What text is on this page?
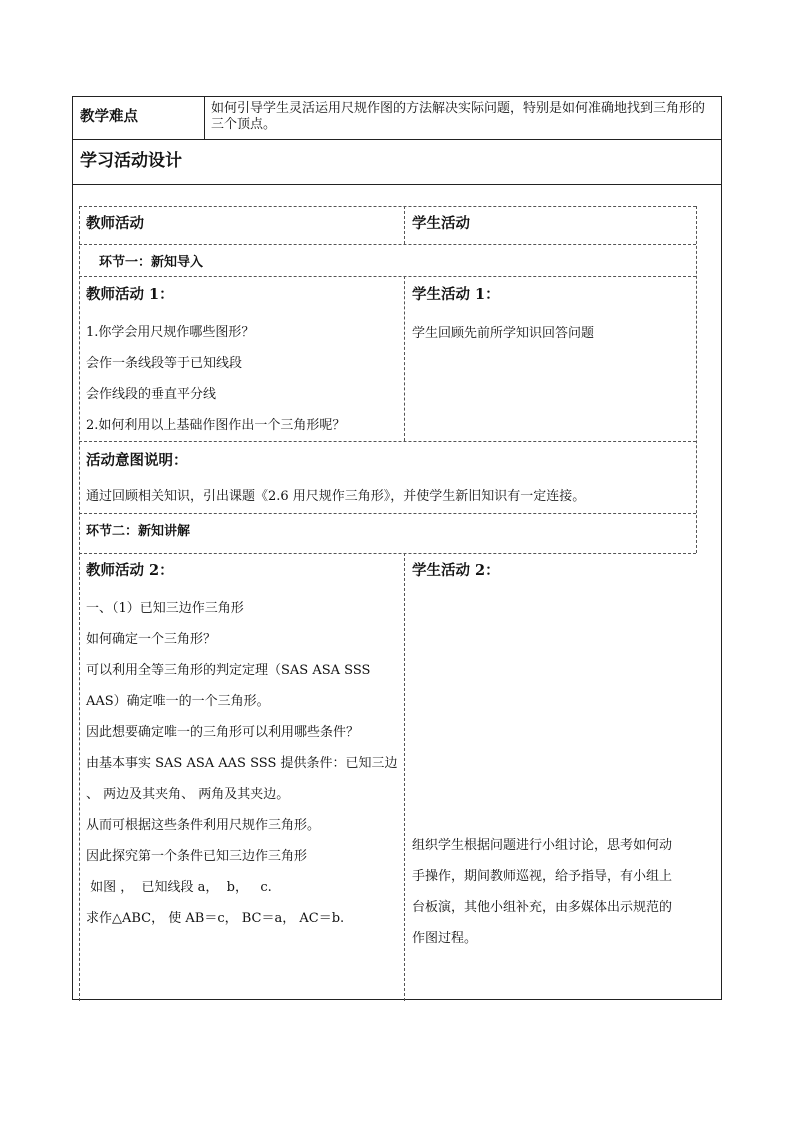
教学难点	如何引导学生灵活运用尺规作图的方法解决实际问题，特别是如何准确地找到三角形的三个顶点。
学习活动设计
教师活动	学生活动
环节一：新知导入
教师活动 1：
1.你学会用尺规作哪些图形？
会作一条线段等于已知线段
会作线段的垂直平分线
2.如何利用以上基础作图作出一个三角形呢？
学生活动 1：
学生回顾先前所学知识回答问题
活动意图说明：
通过回顾相关知识，引出课题《2.6 用尺规作三角形》，并使学生新旧知识有一定连接。
环节二：新知讲解
教师活动 2：
一、（1）已知三边作三角形
如何确定一个三角形？
可以利用全等三角形的判定定理（SAS ASA SSS
AAS）确定唯一的一个三角形。
因此想要确定唯一的三角形可以利用哪些条件？
由基本事实 SAS ASA AAS SSS 提供条件：已知三边
、 两边及其夹角、 两角及其夹边。
从而可根据这些条件利用尺规作三角形。
因此探究第一个条件已知三边作三角形
如图 ，  已知线段 a，  b，   c.
求作△ABC， 使 AB＝c， BC＝a， AC＝b.
学生活动 2：
组织学生根据问题进行小组讨论，思考如何动
手操作，期间教师巡视，给予指导，有小组上
台板演，其他小组补充，由多媒体出示规范的
作图过程。
